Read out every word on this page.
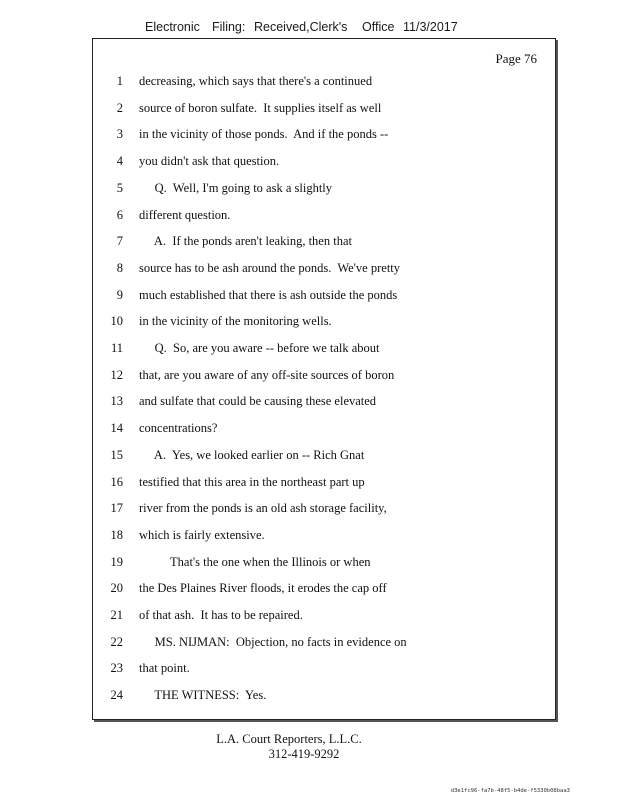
Electronic Filing: Received,Clerk's Office 11/3/2017
Page 76
1 decreasing, which says that there's a continued
2 source of boron sulfate.  It supplies itself as well
3 in the vicinity of those ponds.  And if the ponds --
4 you didn't ask that question.
5 Q.  Well, I'm going to ask a slightly
6 different question.
7 A.  If the ponds aren't leaking, then that
8 source has to be ash around the ponds.  We've pretty
9 much established that there is ash outside the ponds
10 in the vicinity of the monitoring wells.
11 Q.  So, are you aware -- before we talk about
12 that, are you aware of any off-site sources of boron
13 and sulfate that could be causing these elevated
14 concentrations?
15 A.  Yes, we looked earlier on -- Rich Gnat
16 testified that this area in the northeast part up
17 river from the ponds is an old ash storage facility,
18 which is fairly extensive.
19 That's the one when the Illinois or when
20 the Des Plaines River floods, it erodes the cap off
21 of that ash.  It has to be repaired.
22 MS. NIJMAN:  Objection, no facts in evidence on
23 that point.
24 THE WITNESS:  Yes.
L.A. Court Reporters, L.L.C.
312-419-9292
d3e1fc96-fa7b-48f5-b4de-f5330b08baa3
